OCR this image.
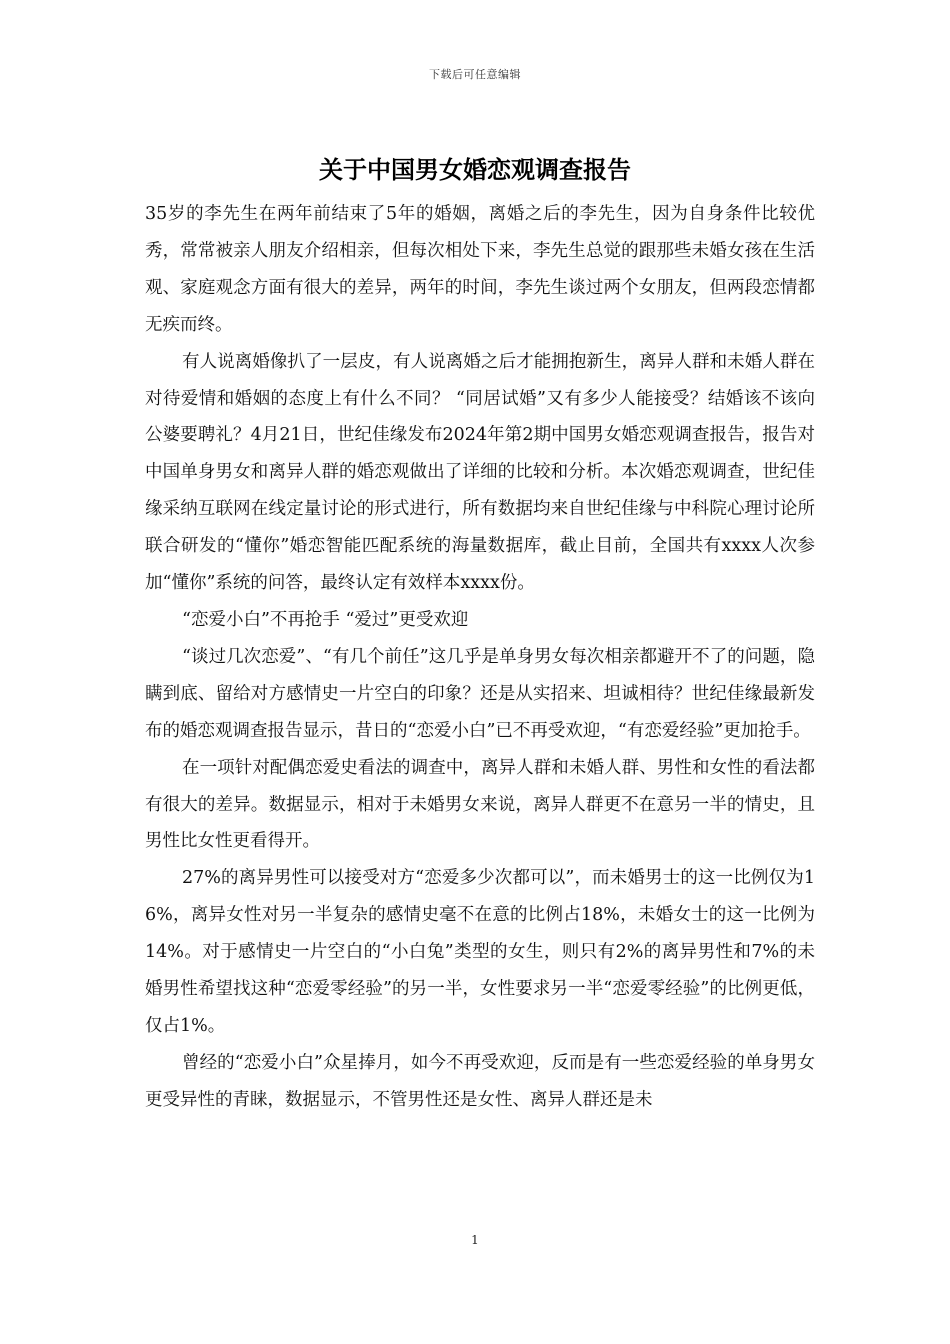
下载后可任意编辑
关于中国男女婚恋观调查报告

35岁的李先生在两年前结束了5年的婚姻，离婚之后的李先生，因为自身条件比较优秀，常常被亲人朋友介绍相亲，但每次相处下来，李先生总觉的跟那些未婚女孩在生活观、家庭观念方面有很大的差异，两年的时间，李先生谈过两个女朋友，但两段恋情都无疾而终。

有人说离婚像扒了一层皮，有人说离婚之后才能拥抱新生，离异人群和未婚人群在对待爱情和婚姻的态度上有什么不同？ “同居试婚”又有多少人能接受？结婚该不该向公婆要聘礼？4月21日，世纪佳缘发布2024年第2期中国男女婚恋观调查报告，报告对中国单身男女和离异人群的婚恋观做出了详细的比较和分析。本次婚恋观调查，世纪佳缘采纳互联网在线定量讨论的形式进行，所有数据均来自世纪佳缘与中科院心理讨论所联合研发的“懂你”婚恋智能匹配系统的海量数据库，截止目前，全国共有xxxx人次参加“懂你”系统的问答，最终认定有效样本xxxx份。

“恋爱小白”不再抢手 “爱过”更受欢迎

“谈过几次恋爱”、“有几个前任”这几乎是单身男女每次相亲都避开不了的问题，隐瞒到底、留给对方感情史一片空白的印象？还是从实招来、坦诚相待？世纪佳缘最新发布的婚恋观调查报告显示，昔日的“恋爱小白”已不再受欢迎，“有恋爱经验”更加抢手。

在一项针对配偶恋爱史看法的调查中，离异人群和未婚人群、男性和女性的看法都有很大的差异。数据显示，相对于未婚男女来说，离异人群更不在意另一半的情史，且男性比女性更看得开。

27%的离异男性可以接受对方“恋爱多少次都可以”，而未婚男士的这一比例仅为16%，离异女性对另一半复杂的感情史毫不在意的比例占18%，未婚女士的这一比例为14%。对于感情史一片空白的“小白兔”类型的女生，则只有2%的离异男性和7%的未婚男性希望找这种“恋爱零经验”的另一半，女性要求另一半“恋爱零经验”的比例更低，仅占1%。

曾经的“恋爱小白”众星捧月，如今不再受欢迎，反而是有一些恋爱经验的单身男女更受异性的青睐，数据显示，不管男性还是女性、离异人群还是未

1
